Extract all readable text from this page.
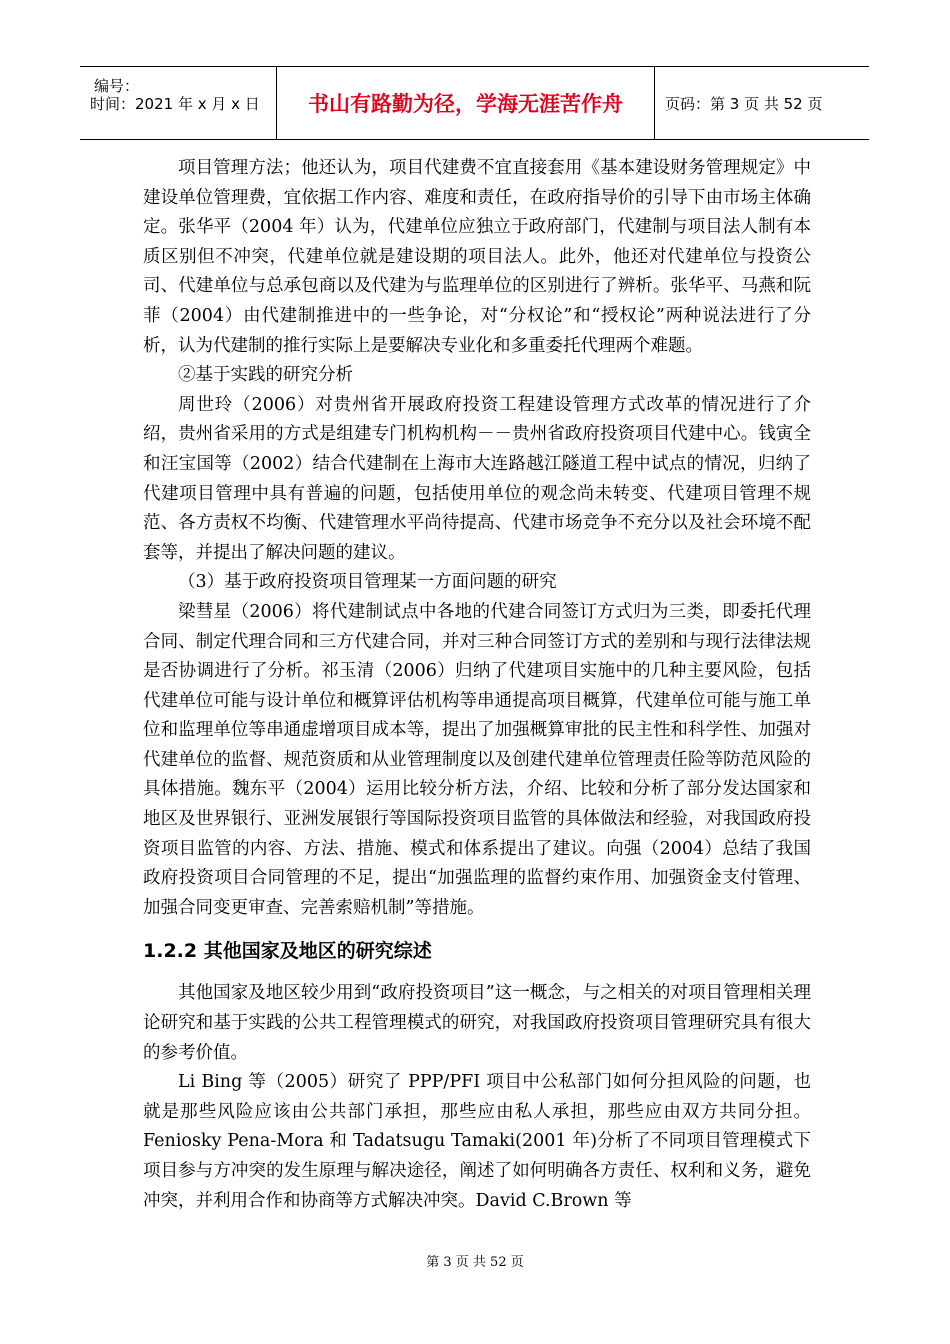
编号：
时间：2021 年 x 月 x 日	书山有路勤为径，学海无涯苦作舟	页码：第 3 页 共 52 页

项目管理方法；他还认为，项目代建费不宜直接套用《基本建设财务管理规定》中建设单位管理费，宜依据工作内容、难度和责任，在政府指导价的引导下由市场主体确定。张华平（2004 年）认为，代建单位应独立于政府部门，代建制与项目法人制有本质区别但不冲突，代建单位就是建设期的项目法人。此外，他还对代建单位与投资公司、代建单位与总承包商以及代建为与监理单位的区别进行了辨析。张华平、马燕和阮菲（2004）由代建制推进中的一些争论，对“分权论”和“授权论”两种说法进行了分析，认为代建制的推行实际上是要解决专业化和多重委托代理两个难题。

②基于实践的研究分析

周世玲（2006）对贵州省开展政府投资工程建设管理方式改革的情况进行了介绍，贵州省采用的方式是组建专门机构机构－－贵州省政府投资项目代建中心。钱寅全和汪宝国等（2002）结合代建制在上海市大连路越江隧道工程中试点的情况，归纳了代建项目管理中具有普遍的问题，包括使用单位的观念尚未转变、代建项目管理不规范、各方责权不均衡、代建管理水平尚待提高、代建市场竞争不充分以及社会环境不配套等，并提出了解决问题的建议。

（3）基于政府投资项目管理某一方面问题的研究

梁彗星（2006）将代建制试点中各地的代建合同签订方式归为三类，即委托代理合同、制定代理合同和三方代建合同，并对三种合同签订方式的差别和与现行法律法规是否协调进行了分析。祁玉清（2006）归纳了代建项目实施中的几种主要风险，包括代建单位可能与设计单位和概算评估机构等串通提高项目概算，代建单位可能与施工单位和监理单位等串通虚增项目成本等，提出了加强概算审批的民主性和科学性、加强对代建单位的监督、规范资质和从业管理制度以及创建代建单位管理责任险等防范风险的具体措施。魏东平（2004）运用比较分析方法，介绍、比较和分析了部分发达国家和地区及世界银行、亚洲发展银行等国际投资项目监管的具体做法和经验，对我国政府投资项目监管的内容、方法、措施、模式和体系提出了建议。向强（2004）总结了我国政府投资项目合同管理的不足，提出“加强监理的监督约束作用、加强资金支付管理、加强合同变更审查、完善索赔机制”等措施。

1.2.2 其他国家及地区的研究综述

其他国家及地区较少用到“政府投资项目”这一概念，与之相关的对项目管理相关理论研究和基于实践的公共工程管理模式的研究，对我国政府投资项目管理研究具有很大的参考价值。

Li Bing 等（2005）研究了 PPP/PFI 项目中公私部门如何分担风险的问题，也就是那些风险应该由公共部门承担，那些应由私人承担，那些应由双方共同分担。Feniosky Pena-Mora 和 Tadatsugu Tamaki(2001 年)分析了不同项目管理模式下项目参与方冲突的发生原理与解决途径，阐述了如何明确各方责任、权利和义务，避免冲突，并利用合作和协商等方式解决冲突。David C.Brown 等

第 3 页 共 52 页
